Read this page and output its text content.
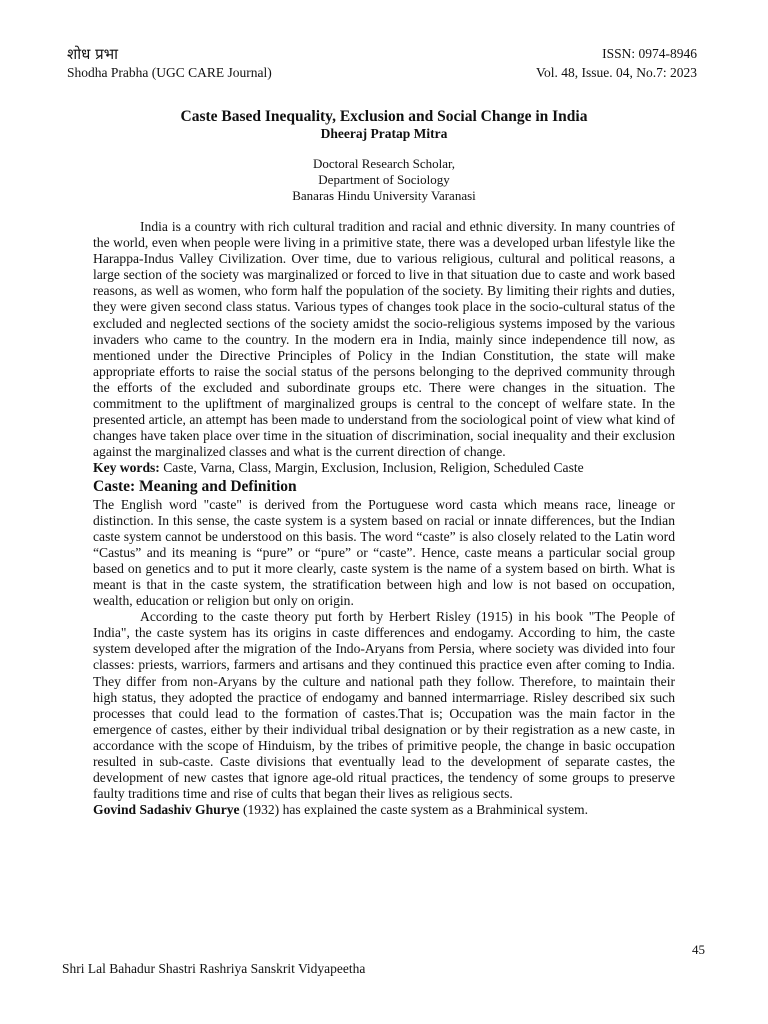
शोध प्रभा
Shodha Prabha (UGC CARE Journal)
ISSN: 0974-8946
Vol. 48, Issue. 04, No.7: 2023
Caste Based Inequality, Exclusion and Social Change in India
Dheeraj Pratap Mitra
Doctoral Research Scholar,
Department of Sociology
Banaras Hindu University Varanasi

India is a country with rich cultural tradition and racial and ethnic diversity. In many countries of the world, even when people were living in a primitive state, there was a developed urban lifestyle like the Harappa-Indus Valley Civilization. Over time, due to various religious, cultural and political reasons, a large section of the society was marginalized or forced to live in that situation due to caste and work based reasons, as well as women, who form half the population of the society. By limiting their rights and duties, they were given second class status. Various types of changes took place in the socio-cultural status of the excluded and neglected sections of the society amidst the socio-religious systems imposed by the various invaders who came to the country. In the modern era in India, mainly since independence till now, as mentioned under the Directive Principles of Policy in the Indian Constitution, the state will make appropriate efforts to raise the social status of the persons belonging to the deprived community through the efforts of the excluded and subordinate groups etc. There were changes in the situation. The commitment to the upliftment of marginalized groups is central to the concept of welfare state. In the presented article, an attempt has been made to understand from the sociological point of view what kind of changes have taken place over time in the situation of discrimination, social inequality and their exclusion against the marginalized classes and what is the current direction of change.

Key words: Caste, Varna, Class, Margin, Exclusion, Inclusion, Religion, Scheduled Caste

Caste: Meaning and Definition

The English word "caste" is derived from the Portuguese word casta which means race, lineage or distinction. In this sense, the caste system is a system based on racial or innate differences, but the Indian caste system cannot be understood on this basis. The word “caste” is also closely related to the Latin word “Castus” and its meaning is “pure” or “pure” or “caste”. Hence, caste means a particular social group based on genetics and to put it more clearly, caste system is the name of a system based on birth. What is meant is that in the caste system, the stratification between high and low is not based on occupation, wealth, education or religion but only on origin.

According to the caste theory put forth by Herbert Risley (1915) in his book "The People of India", the caste system has its origins in caste differences and endogamy. According to him, the caste system developed after the migration of the Indo-Aryans from Persia, where society was divided into four classes: priests, warriors, farmers and artisans and they continued this practice even after coming to India. They differ from non-Aryans by the culture and national path they follow. Therefore, to maintain their high status, they adopted the practice of endogamy and banned intermarriage. Risley described six such processes that could lead to the formation of castes.That is; Occupation was the main factor in the emergence of castes, either by their individual tribal designation or by their registration as a new caste, in accordance with the scope of Hinduism, by the tribes of primitive people, the change in basic occupation resulted in sub-caste. Caste divisions that eventually lead to the development of separate castes, the development of new castes that ignore age-old ritual practices, the tendency of some groups to preserve faulty traditions time and rise of cults that began their lives as religious sects.

Govind Sadashiv Ghurye (1932) has explained the caste system as a Brahminical system.

45
Shri Lal Bahadur Shastri Rashriya Sanskrit Vidyapeetha
